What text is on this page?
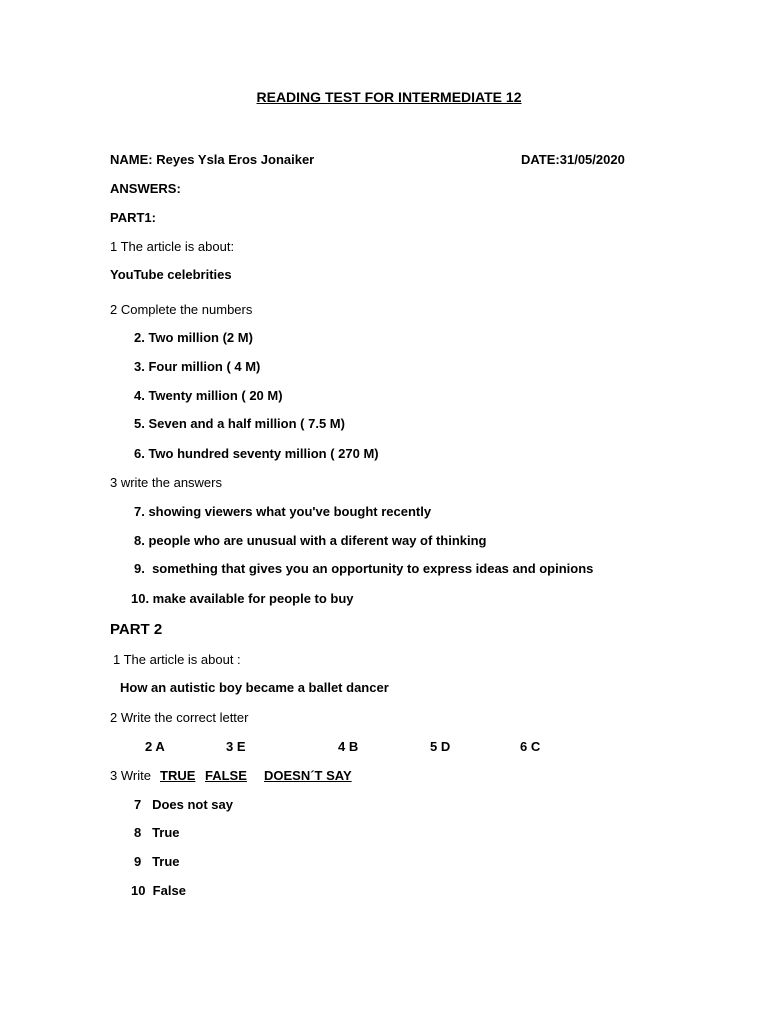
READING TEST FOR INTERMEDIATE 12
NAME: Reyes Ysla Eros Jonaiker	DATE:31/05/2020
ANSWERS:
PART1:
1 The article is about:
YouTube celebrities
2 Complete the numbers
2. Two million (2 M)
3. Four million ( 4 M)
4. Twenty million ( 20 M)
5. Seven and a half million ( 7.5 M)
6. Two hundred seventy million ( 270 M)
3 write the answers
7. showing viewers what you've bought recently
8. people who are unusual with a diferent way of thinking
9.  something that gives you an opportunity to express ideas and opinions
10. make available for people to buy
PART 2
1 The article is about :
How an autistic boy became a ballet dancer
2 Write the correct letter
2 A	3 E	4 B	5 D	6 C
3 Write TRUE FALSE	DOESN´T SAY
7   Does not say
8   True
9   True
10  False
